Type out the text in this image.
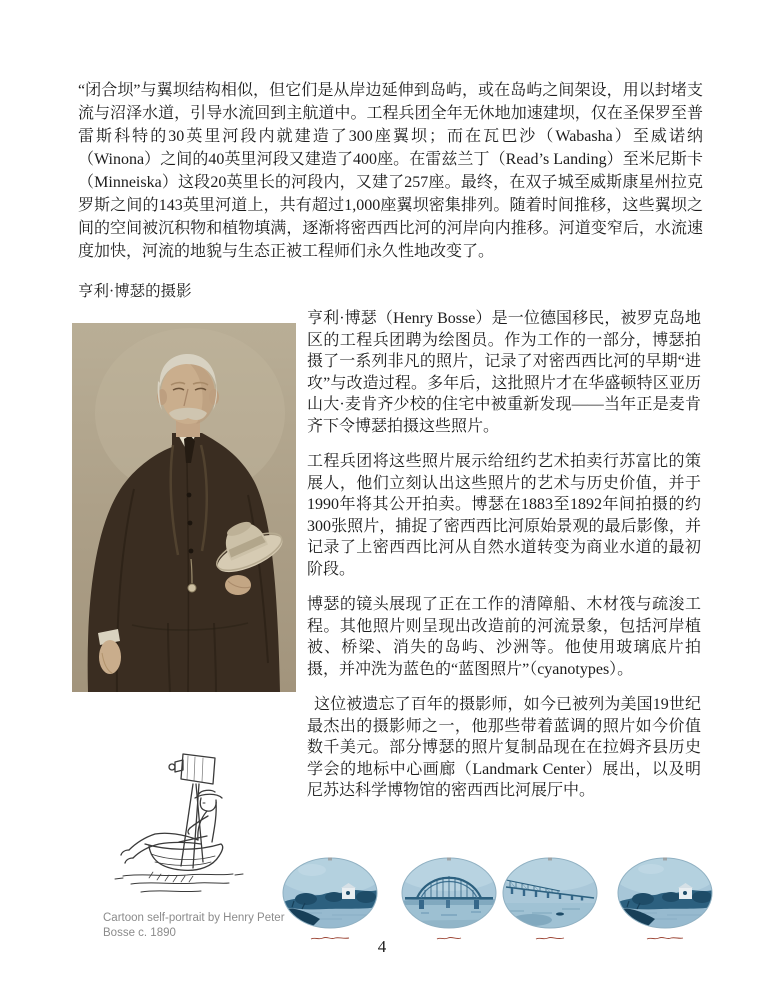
“闭合坝”与翼坝结构相似，但它们是从岸边延伸到岛屿，或在岛屿之间架设，用以封堵支流与沼泽水道，引导水流回到主航道中。工程兵团全年无休地加速建坝，仅在圣保罗至普雷斯科特的30英里河段内就建造了300座翼坝；而在瓦巴沙（Wabasha）至威诺纳（Winona）之间的40英里河段又建造了400座。在雷兹兰丁（Read’s Landing）至米尼斯卡（Minneiska）这段20英里长的河段内，又建了257座。最终，在双子城至威斯康星州拉克罗斯之间的143英里河道上，共有超过1,000座翼坝密集排列。随着时间推移，这些翼坝之间的空间被沉积物和植物填满，逐渐将密西西比河的河岸向内推移。河道变窄后，水流速度加快，河流的地貌与生态正被工程师们永久性地改变了。

亨利·博瑟的摄影

亨利·博瑟（Henry Bosse）是一位德国移民，被罗克岛地区的工程兵团聘为绘图员。作为工作的一部分，博瑟拍摄了一系列非凡的照片，记录了对密西西比河的早期“进攻”与改造过程。多年后，这批照片才在华盛顿特区亚历山大·麦肯齐少校的住宅中被重新发现——当年正是麦肯齐下令博瑟拍摄这些照片。

工程兵团将这些照片展示给纽约艺术拍卖行苏富比的策展人，他们立刻认出这些照片的艺术与历史价值，并于1990年将其公开拍卖。博瑟在1883至1892年间拍摄的约300张照片，捕捉了密西西比河原始景观的最后影像，并记录了上密西西比河从自然水道转变为商业水道的最初阶段。

博瑟的镜头展现了正在工作的清障船、木材筏与疏浚工程。其他照片则呈现出改造前的河流景象，包括河岸植被、桥梁、消失的岛屿、沙洲等。他使用玻璃底片拍摄，并冲洗为蓝色的“蓝图照片”（cyanotypes）。

这位被遗忘了百年的摄影师，如今已被列为美国19世纪最杰出的摄影师之一，他那些带着蓝调的照片如今价值数千美元。部分博瑟的照片复制品现在在拉姆齐县历史学会的地标中心画廊（Landmark Center）展出，以及明尼苏达科学博物馆的密西西比河展厅中。

Cartoon self-portrait by Henry Peter Bosse c. 1890
4
